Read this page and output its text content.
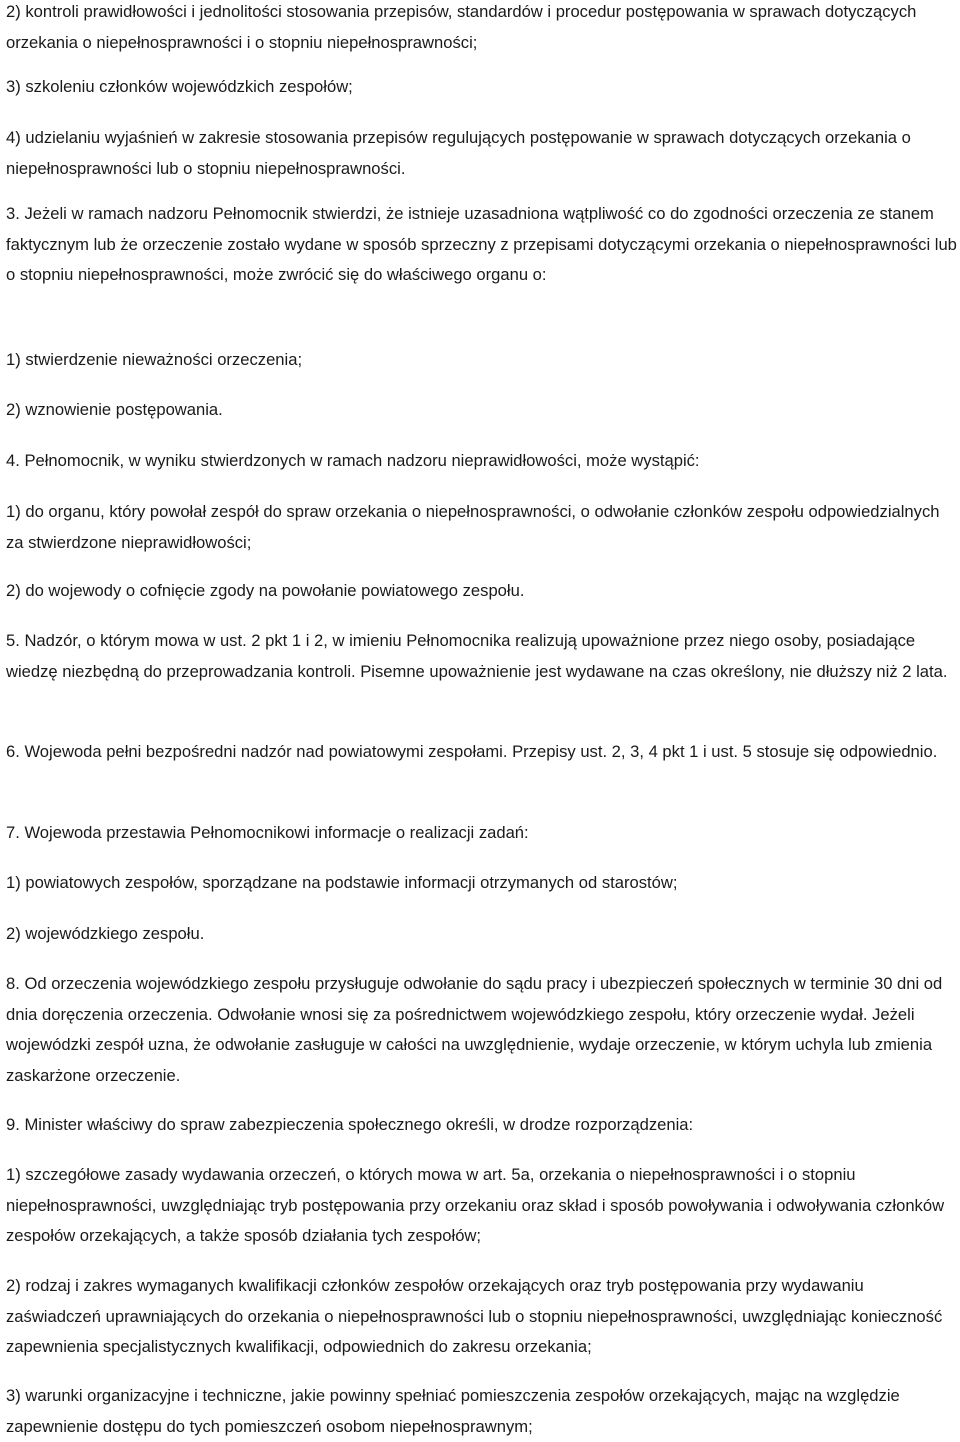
2) kontroli prawidłowości i jednolitości stosowania przepisów, standardów i procedur postępowania w sprawach dotyczących orzekania o niepełnosprawności i o stopniu niepełnosprawności;

3) szkoleniu członków wojewódzkich zespołów;

4) udzielaniu wyjaśnień w zakresie stosowania przepisów regulujących postępowanie w sprawach dotyczących orzekania o niepełnosprawności lub o stopniu niepełnosprawności.

3. Jeżeli w ramach nadzoru Pełnomocnik stwierdzi, że istnieje uzasadniona wątpliwość co do zgodności orzeczenia ze stanem faktycznym lub że orzeczenie zostało wydane w sposób sprzeczny z przepisami dotyczącymi orzekania o niepełnosprawności lub o stopniu niepełnosprawności, może zwrócić się do właściwego organu o:

1) stwierdzenie nieważności orzeczenia;

2) wznowienie postępowania.

4. Pełnomocnik, w wyniku stwierdzonych w ramach nadzoru nieprawidłowości, może wystąpić:

1) do organu, który powołał zespół do spraw orzekania o niepełnosprawności, o odwołanie członków zespołu odpowiedzialnych za stwierdzone nieprawidłowości;

2) do wojewody o cofnięcie zgody na powołanie powiatowego zespołu.

5. Nadzór, o którym mowa w ust. 2 pkt 1 i 2, w imieniu Pełnomocnika realizują upoważnione przez niego osoby, posiadające wiedzę niezbędną do przeprowadzania kontroli. Pisemne upoważnienie jest wydawane na czas określony, nie dłuższy niż 2 lata.

6. Wojewoda pełni bezpośredni nadzór nad powiatowymi zespołami. Przepisy ust. 2, 3, 4 pkt 1 i ust. 5 stosuje się odpowiednio.

7. Wojewoda przestawia Pełnomocnikowi informacje o realizacji zadań:

1) powiatowych zespołów, sporządzane na podstawie informacji otrzymanych od starostów;

2) wojewódzkiego zespołu.

8. Od orzeczenia wojewódzkiego zespołu przysługuje odwołanie do sądu pracy i ubezpieczeń społecznych w terminie 30 dni od dnia doręczenia orzeczenia. Odwołanie wnosi się za pośrednictwem wojewódzkiego zespołu, który orzeczenie wydał. Jeżeli wojewódzki zespół uzna, że odwołanie zasługuje w całości na uwzględnienie, wydaje orzeczenie, w którym uchyla lub zmienia zaskarżone orzeczenie.

9. Minister właściwy do spraw zabezpieczenia społecznego określi, w drodze rozporządzenia:

1) szczegółowe zasady wydawania orzeczeń, o których mowa w art. 5a, orzekania o niepełnosprawności i o stopniu niepełnosprawności, uwzględniając tryb postępowania przy orzekaniu oraz skład i sposób powoływania i odwoływania członków zespołów orzekających, a także sposób działania tych zespołów;

2) rodzaj i zakres wymaganych kwalifikacji członków zespołów orzekających oraz tryb postępowania przy wydawaniu zaświadczeń uprawniających do orzekania o niepełnosprawności lub o stopniu niepełnosprawności, uwzględniając konieczność zapewnienia specjalistycznych kwalifikacji, odpowiednich do zakresu orzekania;

3) warunki organizacyjne i techniczne, jakie powinny spełniać pomieszczenia zespołów orzekających, mając na względzie zapewnienie dostępu do tych pomieszczeń osobom niepełnosprawnym;
